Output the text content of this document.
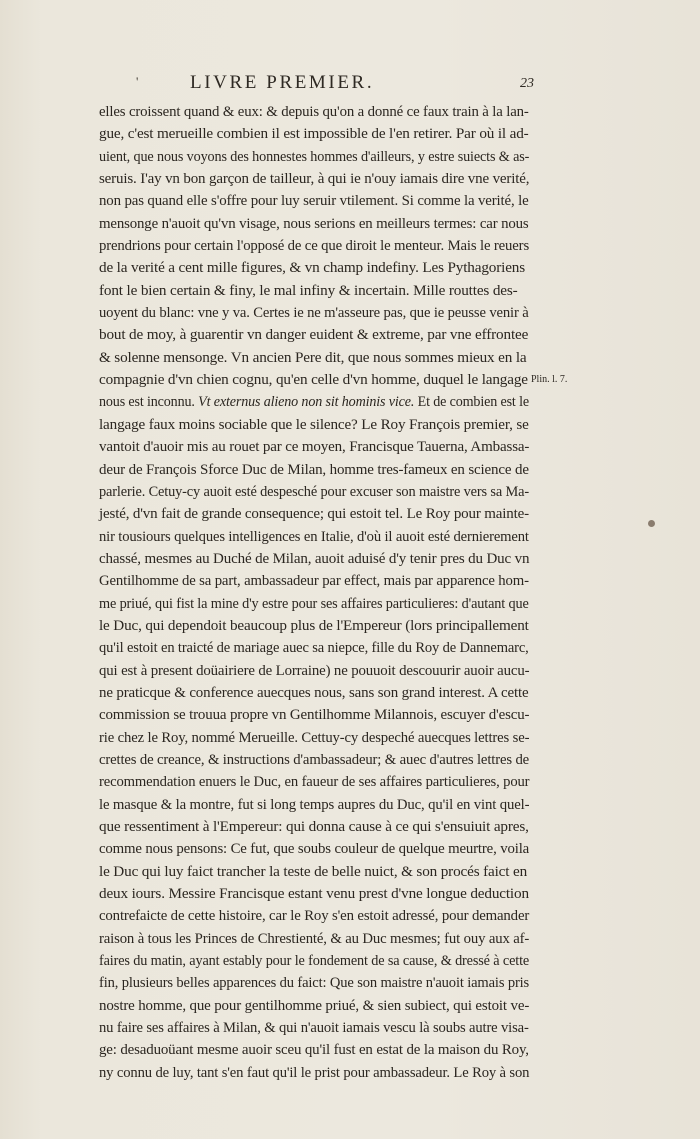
'	LIVRE PREMIER.	23
elles croissent quand & eux: & depuis qu'on a donné ce faux train à la lan-
gue, c'est merueille combien il est impossible de l'en retirer. Par où il ad-
uient, que nous voyons des honnestes hommes d'ailleurs, y estre suiects & as-
seruis. I'ay vn bon garçon de tailleur, à qui ie n'ouy iamais dire vne verité,
non pas quand elle s'offre pour luy seruir vtilement. Si comme la verité, le
mensonge n'auoit qu'vn visage, nous serions en meilleurs termes: car nous
prendrions pour certain l'opposé de ce que diroit le menteur. Mais le reuers
de la verité a cent mille figures, & vn champ indefiny. Les Pythagoriens
font le bien certain & finy, le mal infiny & incertain. Mille routtes des-
uoyent du blanc: vne y va. Certes ie ne m'asseure pas, que ie peusse venir à
bout de moy, à guarentir vn danger euident & extreme, par vne effrontee
& solenne mensonge. Vn ancien Pere dit, que nous sommes mieux en la
compagnie d'vn chien cognu, qu'en celle d'vn homme, duquel le langage
nous est inconnu. Vt externus alieno non sit hominis vice. Et de combien est le
langage faux moins sociable que le silence? Le Roy François premier, se
vantoit d'auoir mis au rouet par ce moyen, Francisque Tauerna, Ambassa-
deur de François Sforce Duc de Milan, homme tres-fameux en science de
parlerie. Cetuy-cy auoit esté despesché pour excuser son maistre vers sa Ma-
jesté, d'vn fait de grande consequence; qui estoit tel. Le Roy pour mainte-
nir tousiours quelques intelligences en Italie, d'où il auoit esté dernierement
chassé, mesmes au Duché de Milan, auoit aduisé d'y tenir pres du Duc vn
Gentilhomme de sa part, ambassadeur par effect, mais par apparence hom-
me priué, qui fist la mine d'y estre pour ses affaires particulieres: d'autant que
le Duc, qui dependoit beaucoup plus de l'Empereur (lors principallement
qu'il estoit en traicté de mariage auec sa niepce, fille du Roy de Dannemarc,
qui est à present doüairiere de Lorraine) ne pouuoit descouurir auoir aucu-
ne praticque & conference auecques nous, sans son grand interest. A cette
commission se trouua propre vn Gentilhomme Milannois, escuyer d'escu-
rie chez le Roy, nommé Merueille. Cettuy-cy despeché auecques lettres se-
crettes de creance, & instructions d'ambassadeur; & auec d'autres lettres de
recommendation enuers le Duc, en faueur de ses affaires particulieres, pour
le masque & la montre, fut si long temps aupres du Duc, qu'il en vint quel-
que ressentiment à l'Empereur: qui donna cause à ce qui s'ensuiuit apres,
comme nous pensons: Ce fut, que soubs couleur de quelque meurtre, voila
le Duc qui luy faict trancher la teste de belle nuict, & son procés faict en
deux iours. Messire Francisque estant venu prest d'vne longue deduction
contrefaicte de cette histoire, car le Roy s'en estoit adressé, pour demander
raison à tous les Princes de Chrestienté, & au Duc mesmes; fut ouy aux af-
faires du matin, ayant estably pour le fondement de sa cause, & dressé à cette
fin, plusieurs belles apparences du faict: Que son maistre n'auoit iamais pris
nostre homme, que pour gentilhomme priué, & sien subiect, qui estoit ve-
nu faire ses affaires à Milan, & qui n'auoit iamais vescu là soubs autre visa-
ge: desaduoüant mesme auoir sceu qu'il fust en estat de la maison du Roy,
ny connu de luy, tant s'en faut qu'il le prist pour ambassadeur. Le Roy à son
Plin. l. 7.
